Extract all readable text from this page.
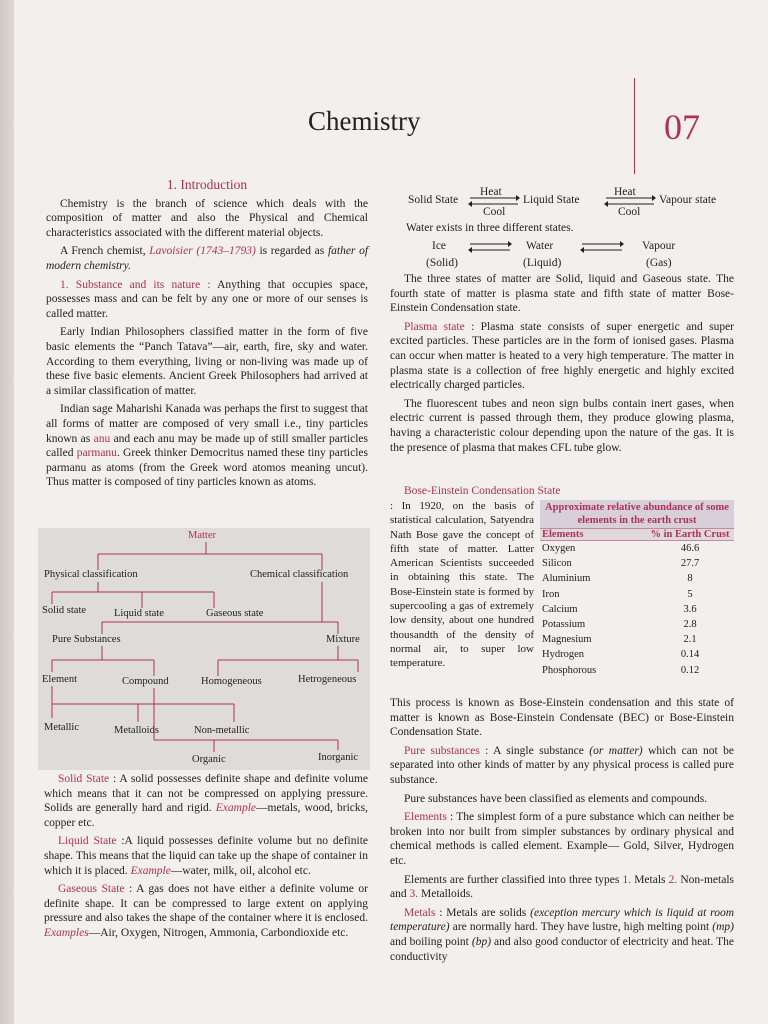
Chemistry	07

1. Introduction

Chemistry is the branch of science which deals with the composition of matter and also the Physical and Chemical characteristics associated with the different material objects.

A French chemist, Lavoisier (1743–1793) is regarded as father of modern chemistry.

1. Substance and its nature : Anything that occupies space, possesses mass and can be felt by any one or more of our senses is called matter.

Early Indian Philosophers classified matter in the form of five basic elements the “Panch Tatava”—air, earth, fire, sky and water. According to them everything, living or non-living was made up of these five basic elements. Ancient Greek Philosophers had arrived at a similar classification of matter.

Indian sage Maharishi Kanada was perhaps the first to suggest that all forms of matter are composed of very small i.e., tiny particles known as anu and each anu may be made up of still smaller particles called parmanu. Greek thinker Democritus named these tiny particles parmanu as atoms (from the Greek word atomos meaning uncut). Thus matter is composed of tiny particles known as atoms.

Matter
Physical classification	Chemical classification
Solid state	Liquid state	Gaseous state
Pure Substances	Mixture
Element	Compound	Homogeneous	Hetrogeneous
Metallic	Metalloids	Non-metallic
Organic	Inorganic

Solid State : A solid possesses definite shape and definite volume which means that it can not be compressed on applying pressure. Solids are generally hard and rigid. Example—metals, wood, bricks, copper etc.

Liquid State :A liquid possesses definite volume but no definite shape. This means that the liquid can take up the shape of container in which it is placed. Example—water, milk, oil, alcohol etc.

Gaseous State : A gas does not have either a definite volume or definite shape. It can be compressed to large extent on applying pressure and also takes the shape of the container where it is enclosed. Examples—Air, Oxygen, Nitrogen, Ammonia, Carbondioxide etc.

Solid State
Heat
Cool
Liquid State
Heat
Cool
Vapour state
Water exists in three different states.
Ice
(Solid)
Water
(Liquid)
Vapour
(Gas)

The three states of matter are Solid, liquid and Gaseous state. The fourth state of matter is plasma state and fifth state of matter Bose-Einstein Condensation state.

Plasma state : Plasma state consists of super energetic and super excited particles. These particles are in the form of ionised gases. Plasma can occur when matter is heated to a very high temperature. The matter in plasma state is a collection of free highly energetic and highly excited electrically charged particles.

The fluorescent tubes and neon sign bulbs contain inert gases, when electric current is passed through them, they produce glowing plasma, having a characteristic colour depending upon the nature of the gas. It is the presence of plasma that makes CFL tube glow.

Bose-Einstein Condensation State

: In 1920, on the basis of statistical calculation, Satyendra Nath Bose gave the concept of fifth state of matter. Latter American Scientists succeeded in obtaining this state. The Bose-Einstein state is formed by supercooling a gas of extremely low density, about one hundred thousandth of the density of normal air, to super low temperature.

Approximate relative abundance of some elements in the earth crust
Elements	% in Earth Crust
Oxygen	46.6
Silicon	27.7
Aluminium	8
Iron	5
Calcium	3.6
Potassium	2.8
Magnesium	2.1
Hydrogen	0.14
Phosphorous	0.12

This process is known as Bose-Einstein condensation and this state of matter is known as Bose-Einstein Condensate (BEC) or Bose-Einstein Condensation State.

Pure substances : A single substance (or matter) which can not be separated into other kinds of matter by any physical process is called pure substance.

Pure substances have been classified as elements and compounds.

Elements : The simplest form of a pure substance which can neither be broken into nor built from simpler substances by ordinary physical and chemical methods is called element. Example— Gold, Silver, Hydrogen etc.

Elements are further classified into three types 1. Metals 2. Non-metals and 3. Metalloids.

Metals : Metals are solids (exception mercury which is liquid at room temperature) are normally hard. They have lustre, high melting point (mp) and boiling point (bp) and also good conductor of electricity and heat. The conductivity
